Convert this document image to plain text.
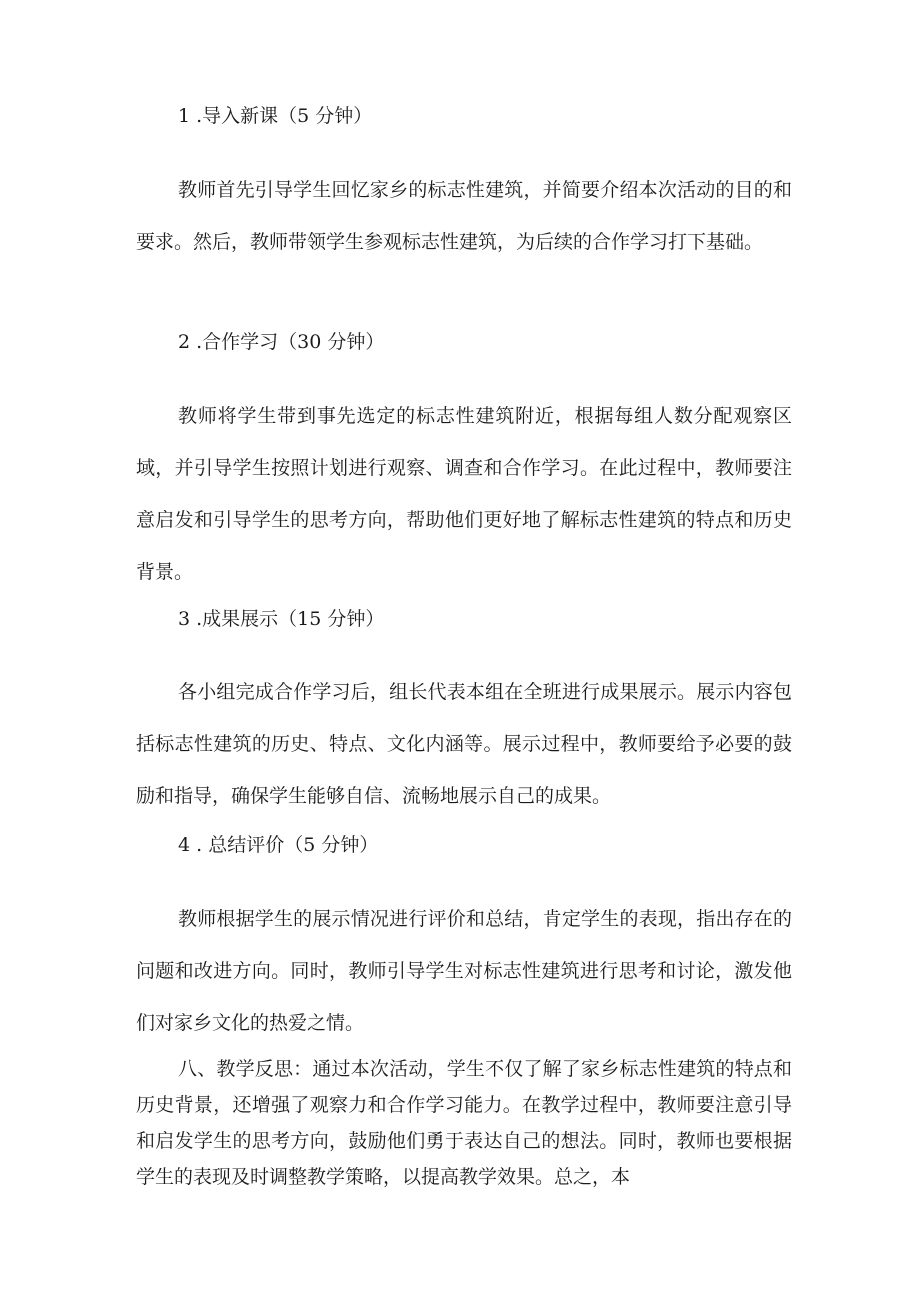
1 .导入新课（5 分钟）

教师首先引导学生回忆家乡的标志性建筑，并简要介绍本次活动的目的和要求。然后，教师带领学生参观标志性建筑，为后续的合作学习打下基础。

2 .合作学习（30 分钟）

教师将学生带到事先选定的标志性建筑附近，根据每组人数分配观察区域，并引导学生按照计划进行观察、调查和合作学习。在此过程中，教师要注意启发和引导学生的思考方向，帮助他们更好地了解标志性建筑的特点和历史背景。

3 .成果展示（15 分钟）

各小组完成合作学习后，组长代表本组在全班进行成果展示。展示内容包括标志性建筑的历史、特点、文化内涵等。展示过程中，教师要给予必要的鼓励和指导，确保学生能够自信、流畅地展示自己的成果。

4 . 总结评价（5 分钟）

教师根据学生的展示情况进行评价和总结，肯定学生的表现，指出存在的问题和改进方向。同时，教师引导学生对标志性建筑进行思考和讨论，激发他们对家乡文化的热爱之情。

八、教学反思：通过本次活动，学生不仅了解了家乡标志性建筑的特点和历史背景，还增强了观察力和合作学习能力。在教学过程中，教师要注意引导和启发学生的思考方向，鼓励他们勇于表达自己的想法。同时，教师也要根据学生的表现及时调整教学策略，以提高教学效果。总之，本
